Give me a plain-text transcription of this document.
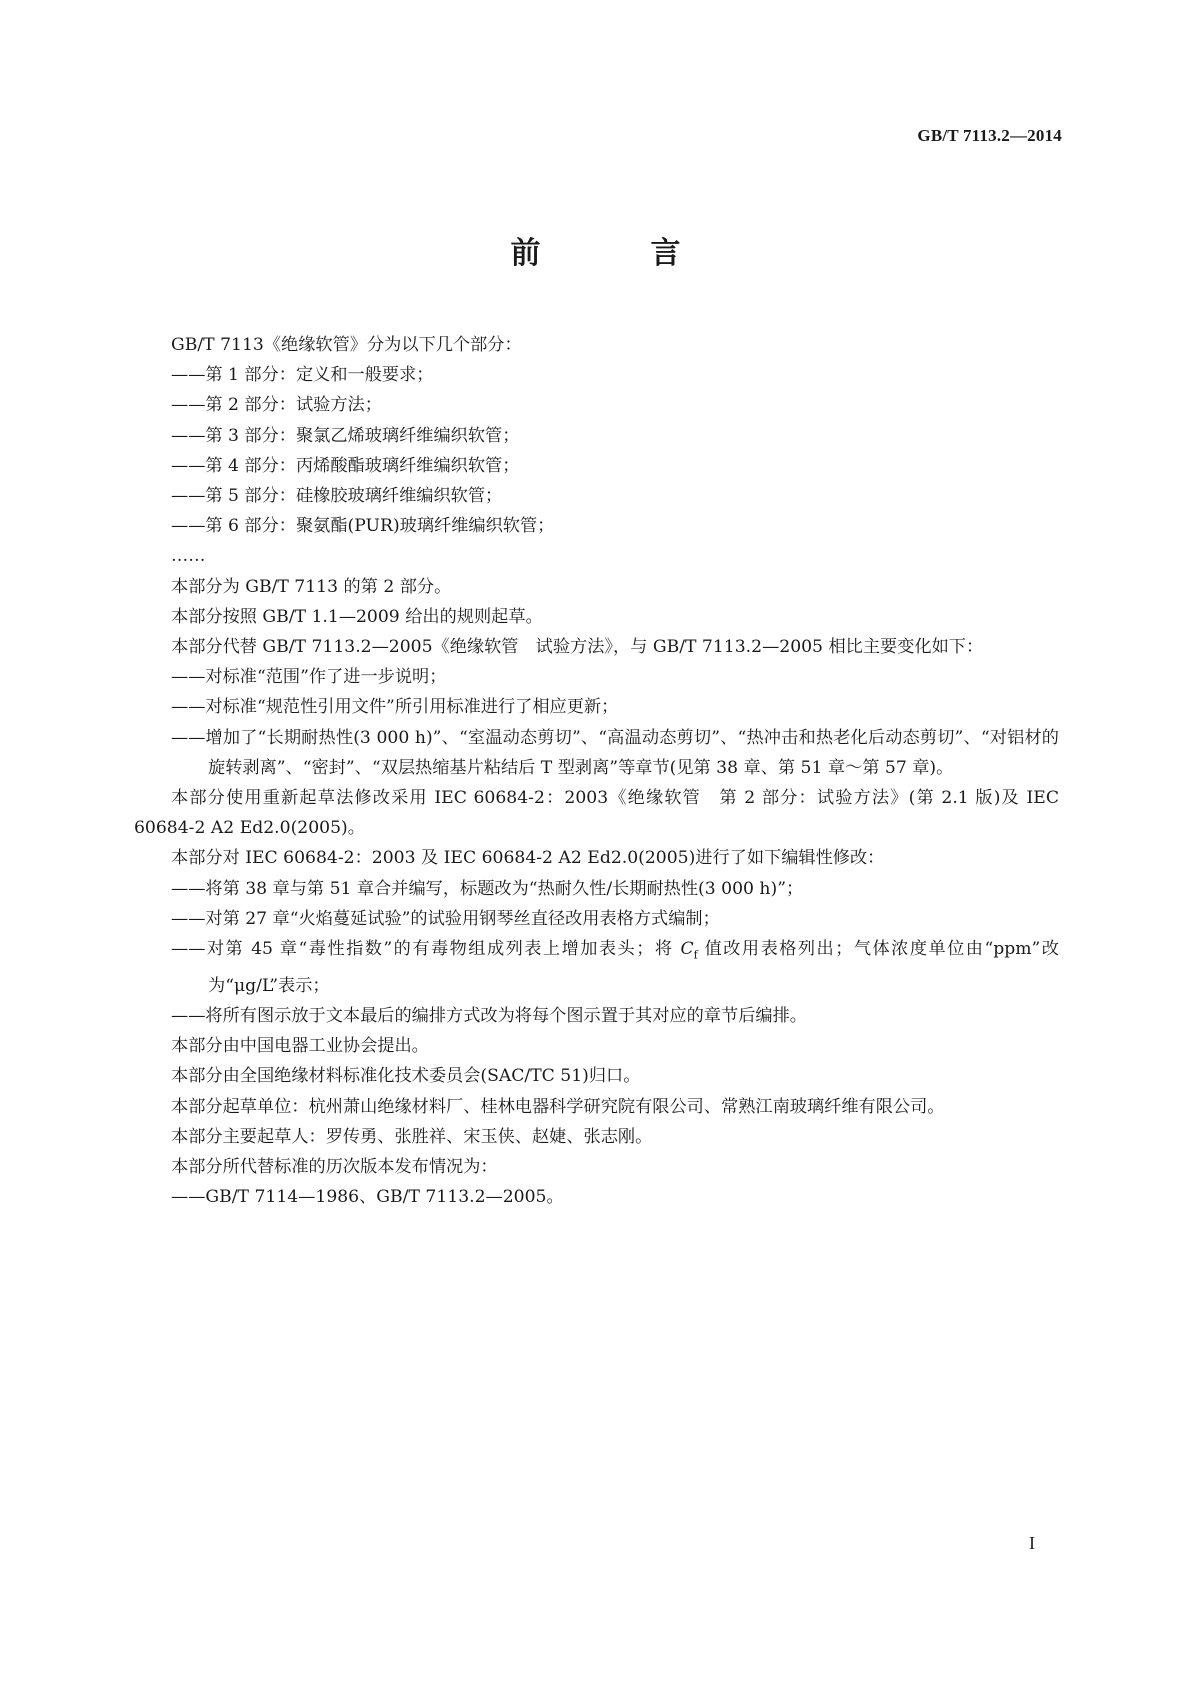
GB/T 7113.2—2014
前　言

GB/T 7113《绝缘软管》分为以下几个部分：

——第 1 部分：定义和一般要求；

——第 2 部分：试验方法；

——第 3 部分：聚氯乙烯玻璃纤维编织软管；

——第 4 部分：丙烯酸酯玻璃纤维编织软管；

——第 5 部分：硅橡胶玻璃纤维编织软管；

——第 6 部分：聚氨酯(PUR)玻璃纤维编织软管；

……

本部分为 GB/T 7113 的第 2 部分。

本部分按照 GB/T 1.1—2009 给出的规则起草。

本部分代替 GB/T 7113.2—2005《绝缘软管　试验方法》，与 GB/T 7113.2—2005 相比主要变化如下：

——对标准“范围”作了进一步说明；

——对标准“规范性引用文件”所引用标准进行了相应更新；

——增加了“长期耐热性(3 000 h)”、“室温动态剪切”、“高温动态剪切”、“热冲击和热老化后动态剪切”、“对铝材的旋转剥离”、“密封”、“双层热缩基片粘结后 T 型剥离”等章节(见第 38 章、第 51 章～第 57 章)。

本部分使用重新起草法修改采用 IEC 60684-2：2003《绝缘软管　第 2 部分：试验方法》(第 2.1 版)及 IEC 60684-2 A2 Ed2.0(2005)。

本部分对 IEC 60684-2：2003 及 IEC 60684-2 A2 Ed2.0(2005)进行了如下编辑性修改：

——将第 38 章与第 51 章合并编写，标题改为“热耐久性/长期耐热性(3 000 h)”；

——对第 27 章“火焰蔓延试验”的试验用钢琴丝直径改用表格方式编制；

——对第 45 章“毒性指数”的有毒物组成列表上增加表头；将 $C_f$ 值改用表格列出；气体浓度单位由“ppm”改为“μg/L”表示；

——将所有图示放于文本最后的编排方式改为将每个图示置于其对应的章节后编排。

本部分由中国电器工业协会提出。

本部分由全国绝缘材料标准化技术委员会(SAC/TC 51)归口。

本部分起草单位：杭州萧山绝缘材料厂、桂林电器科学研究院有限公司、常熟江南玻璃纤维有限公司。

本部分主要起草人：罗传勇、张胜祥、宋玉侠、赵婕、张志刚。

本部分所代替标准的历次版本发布情况为：

——GB/T 7114—1986、GB/T 7113.2—2005。

I
